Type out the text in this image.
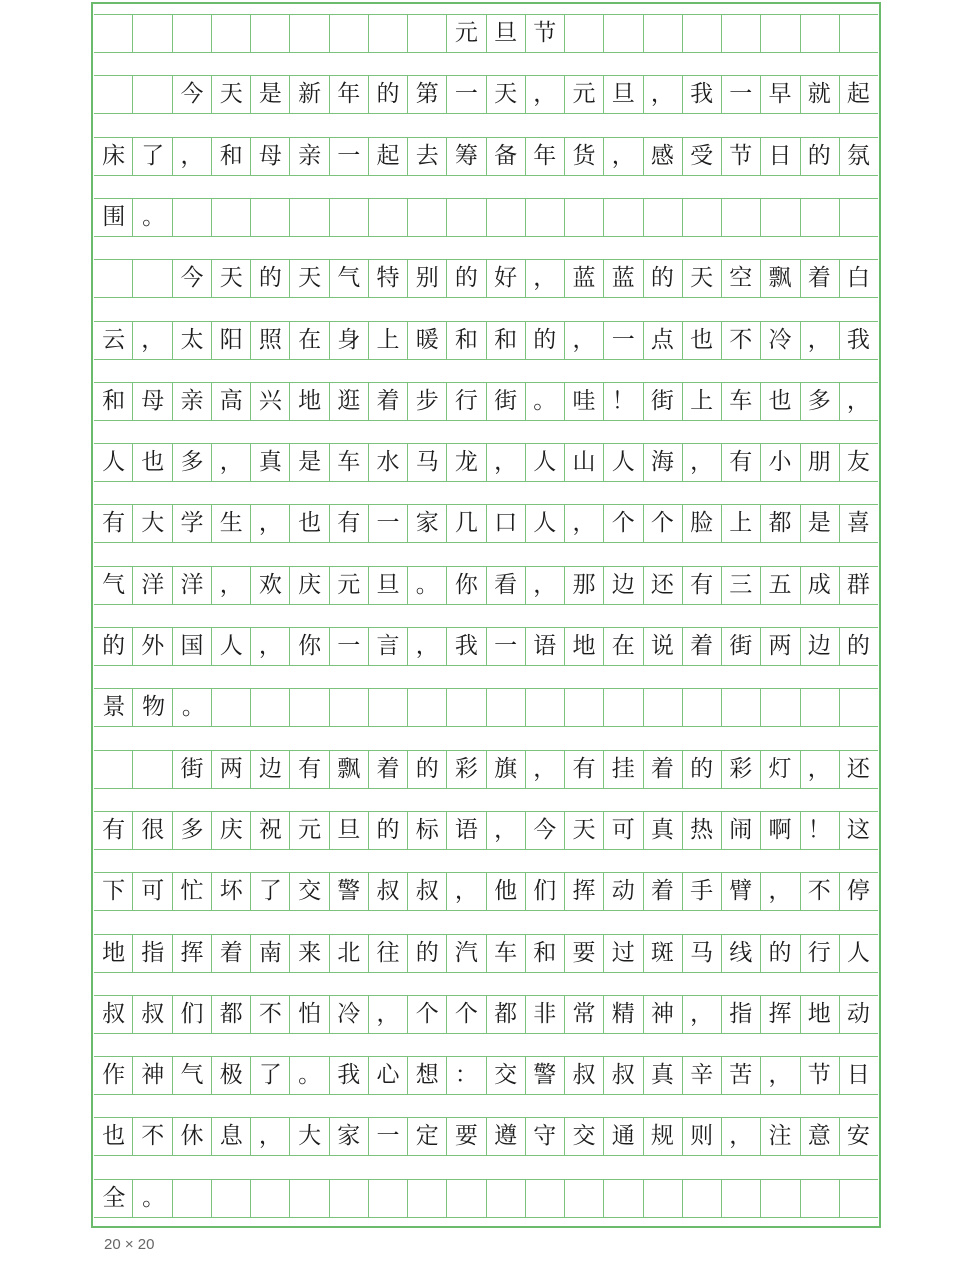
　　　　　　　　　元旦节　　　　　　　　
　　今天是新年的第一天，元旦，我一早就起
床了，和母亲一起去筹备年货，感受节日的氛
围。　　　　　　　　　　　　　　　　　　
　　今天的天气特别的好，蓝蓝的天空飘着白
云，太阳照在身上暖和和的，一点也不冷，我
和母亲高兴地逛着步行街。哇！街上车也多，
人也多，真是车水马龙，人山人海，有小朋友
有大学生，也有一家几口人，个个脸上都是喜
气洋洋，欢庆元旦。你看，那边还有三五成群
的外国人，你一言，我一语地在说着街两边的
景物。　　　　　　　　　　　　　　　　　
　　街两边有飘着的彩旗，有挂着的彩灯，还
有很多庆祝元旦的标语，今天可真热闹啊！这
下可忙坏了交警叔叔，他们挥动着手臂，不停
地指挥着南来北往的汽车和要过斑马线的行人
叔叔们都不怕冷，个个都非常精神，指挥地动
作神气极了。我心想：交警叔叔真辛苦，节日
也不休息，大家一定要遵守交通规则，注意安
全。　　　　　　　　　　　　　　　　　　
20 × 20
